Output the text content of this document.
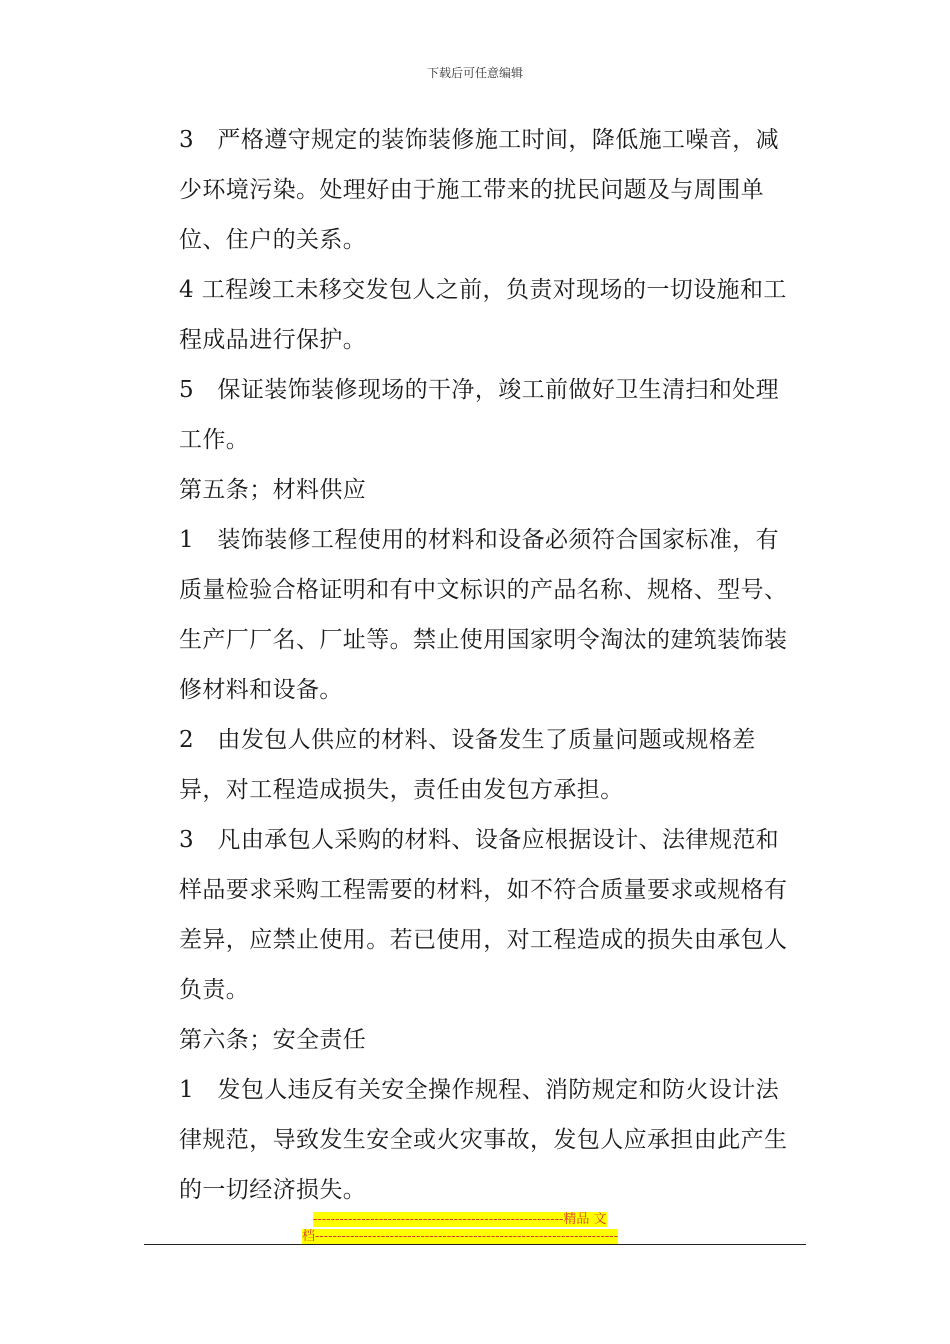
下载后可任意编辑

3　严格遵守规定的装饰装修施工时间，降低施工噪音，减少环境污染。处理好由于施工带来的扰民问题及与周围单位、住户的关系。

4 工程竣工未移交发包人之前，负责对现场的一切设施和工程成品进行保护。

5　保证装饰装修现场的干净，竣工前做好卫生清扫和处理工作。

第五条；材料供应

1　装饰装修工程使用的材料和设备必须符合国家标准，有质量检验合格证明和有中文标识的产品名称、规格、型号、生产厂厂名、厂址等。禁止使用国家明令淘汰的建筑装饰装修材料和设备。

2　由发包人供应的材料、设备发生了质量问题或规格差异，对工程造成损失，责任由发包方承担。

3　凡由承包人采购的材料、设备应根据设计、法律规范和样品要求采购工程需要的材料，如不符合质量要求或规格有差异，应禁止使用。若已使用，对工程造成的损失由承包人负责。

第六条；安全责任

1　发包人违反有关安全操作规程、消防规定和防火设计法律规范，导致发生安全或火灾事故，发包人应承担由此产生的一切经济损失。

---------------------------------------------------------精品 文
档---------------------------------------------------------------------
